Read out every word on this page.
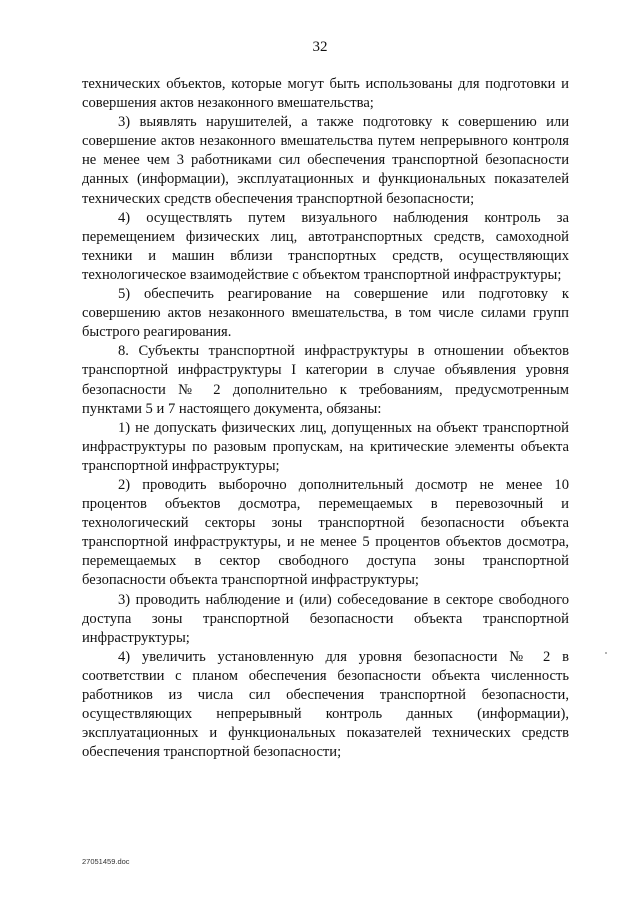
32

технических объектов, которые могут быть использованы для подготовки и совершения актов незаконного вмешательства;

3) выявлять нарушителей, а также подготовку к совершению или совершение актов незаконного вмешательства путем непрерывного контроля не менее чем 3 работниками сил обеспечения транспортной безопасности данных (информации), эксплуатационных и функциональных показателей технических средств обеспечения транспортной безопасности;

4) осуществлять путем визуального наблюдения контроль за перемещением физических лиц, автотранспортных средств, самоходной техники и машин вблизи транспортных средств, осуществляющих технологическое взаимодействие с объектом транспортной инфраструктуры;

5) обеспечить реагирование на совершение или подготовку к совершению актов незаконного вмешательства, в том числе силами групп быстрого реагирования.

8. Субъекты транспортной инфраструктуры в отношении объектов транспортной инфраструктуры I категории в случае объявления уровня безопасности № 2 дополнительно к требованиям, предусмотренным пунктами 5 и 7 настоящего документа, обязаны:

1) не допускать физических лиц, допущенных на объект транспортной инфраструктуры по разовым пропускам, на критические элементы объекта транспортной инфраструктуры;

2) проводить выборочно дополнительный досмотр не менее 10 процентов объектов досмотра, перемещаемых в перевозочный и технологический секторы зоны транспортной безопасности объекта транспортной инфраструктуры, и не менее 5 процентов объектов досмотра, перемещаемых в сектор свободного доступа зоны транспортной безопасности объекта транспортной инфраструктуры;

3) проводить наблюдение и (или) собеседование в секторе свободного доступа зоны транспортной безопасности объекта транспортной инфраструктуры;

4) увеличить установленную для уровня безопасности № 2 в соответствии с планом обеспечения безопасности объекта численность работников из числа сил обеспечения транспортной безопасности, осуществляющих непрерывный контроль данных (информации), эксплуатационных и функциональных показателей технических средств обеспечения транспортной безопасности;

27051459.doc
